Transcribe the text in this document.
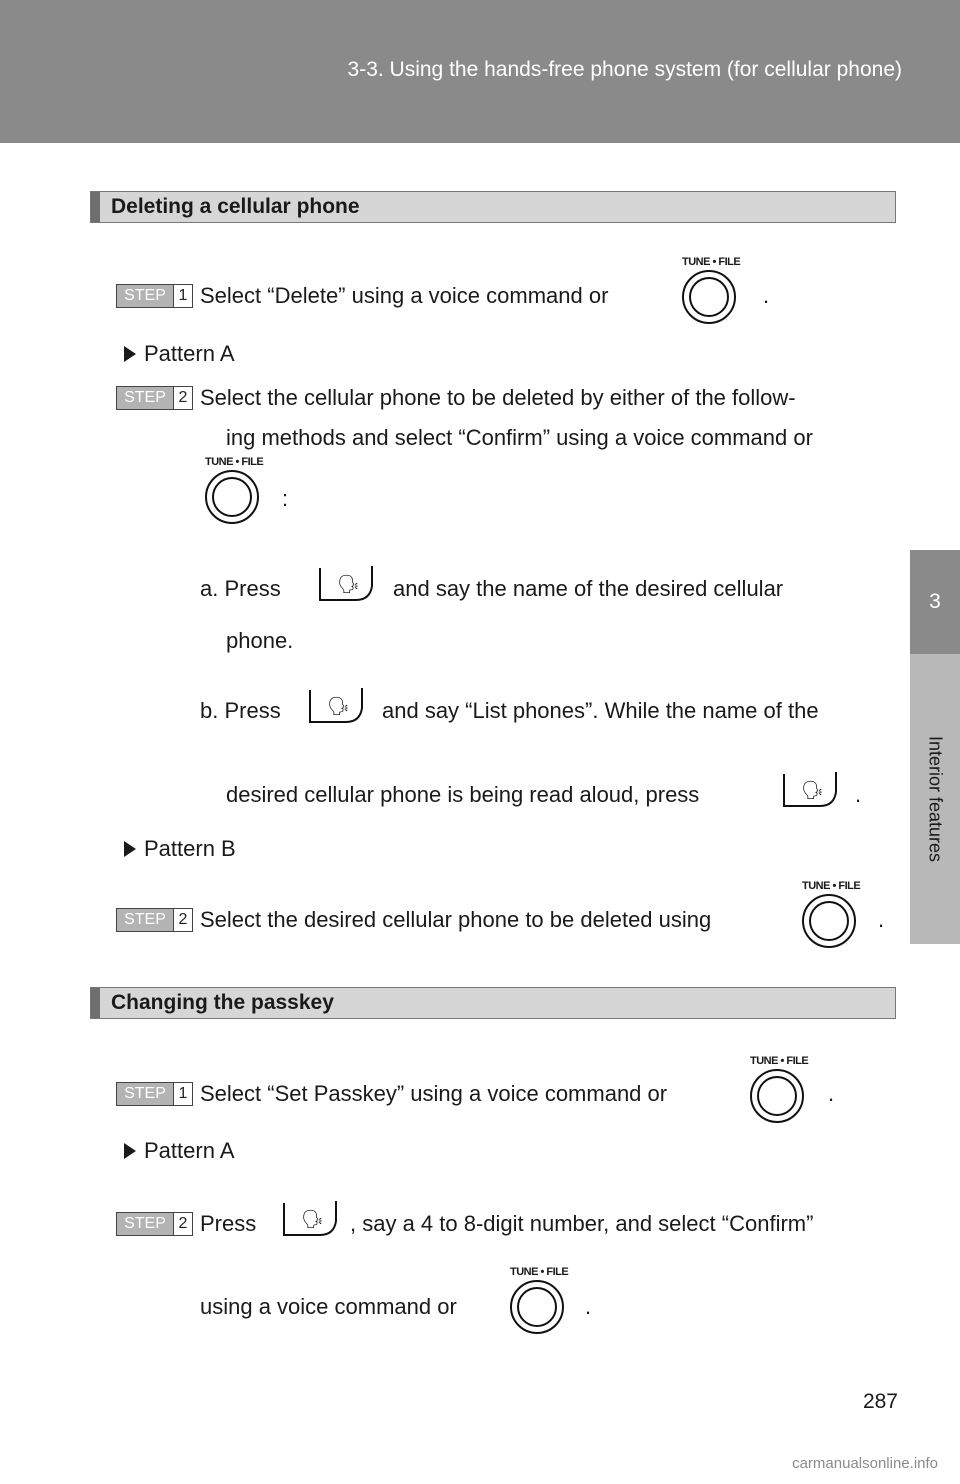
3-3. Using the hands-free phone system (for cellular phone)
3
Interior features
Deleting a cellular phone
STEP 1 Select “Delete” using a voice command or
TUNE • FILE
.
Pattern A
STEP 2 Select the cellular phone to be deleted by either of the follow-
ing methods and select “Confirm” using a voice command or
TUNE • FILE
:
a. Press	🗣 and say the name of the desired cellular
phone.
b. Press	🗣 and say “List phones”. While the name of the
desired cellular phone is being read aloud, press	🗣 .
Pattern B
STEP 2 Select the desired cellular phone to be deleted using
TUNE • FILE
.
Changing the passkey
STEP 1 Select “Set Passkey” using a voice command or
TUNE • FILE
.
Pattern A
STEP 2 Press 🗣 , say a 4 to 8-digit number, and select “Confirm”
using a voice command or
TUNE • FILE
.
287
carmanualsonline.info
